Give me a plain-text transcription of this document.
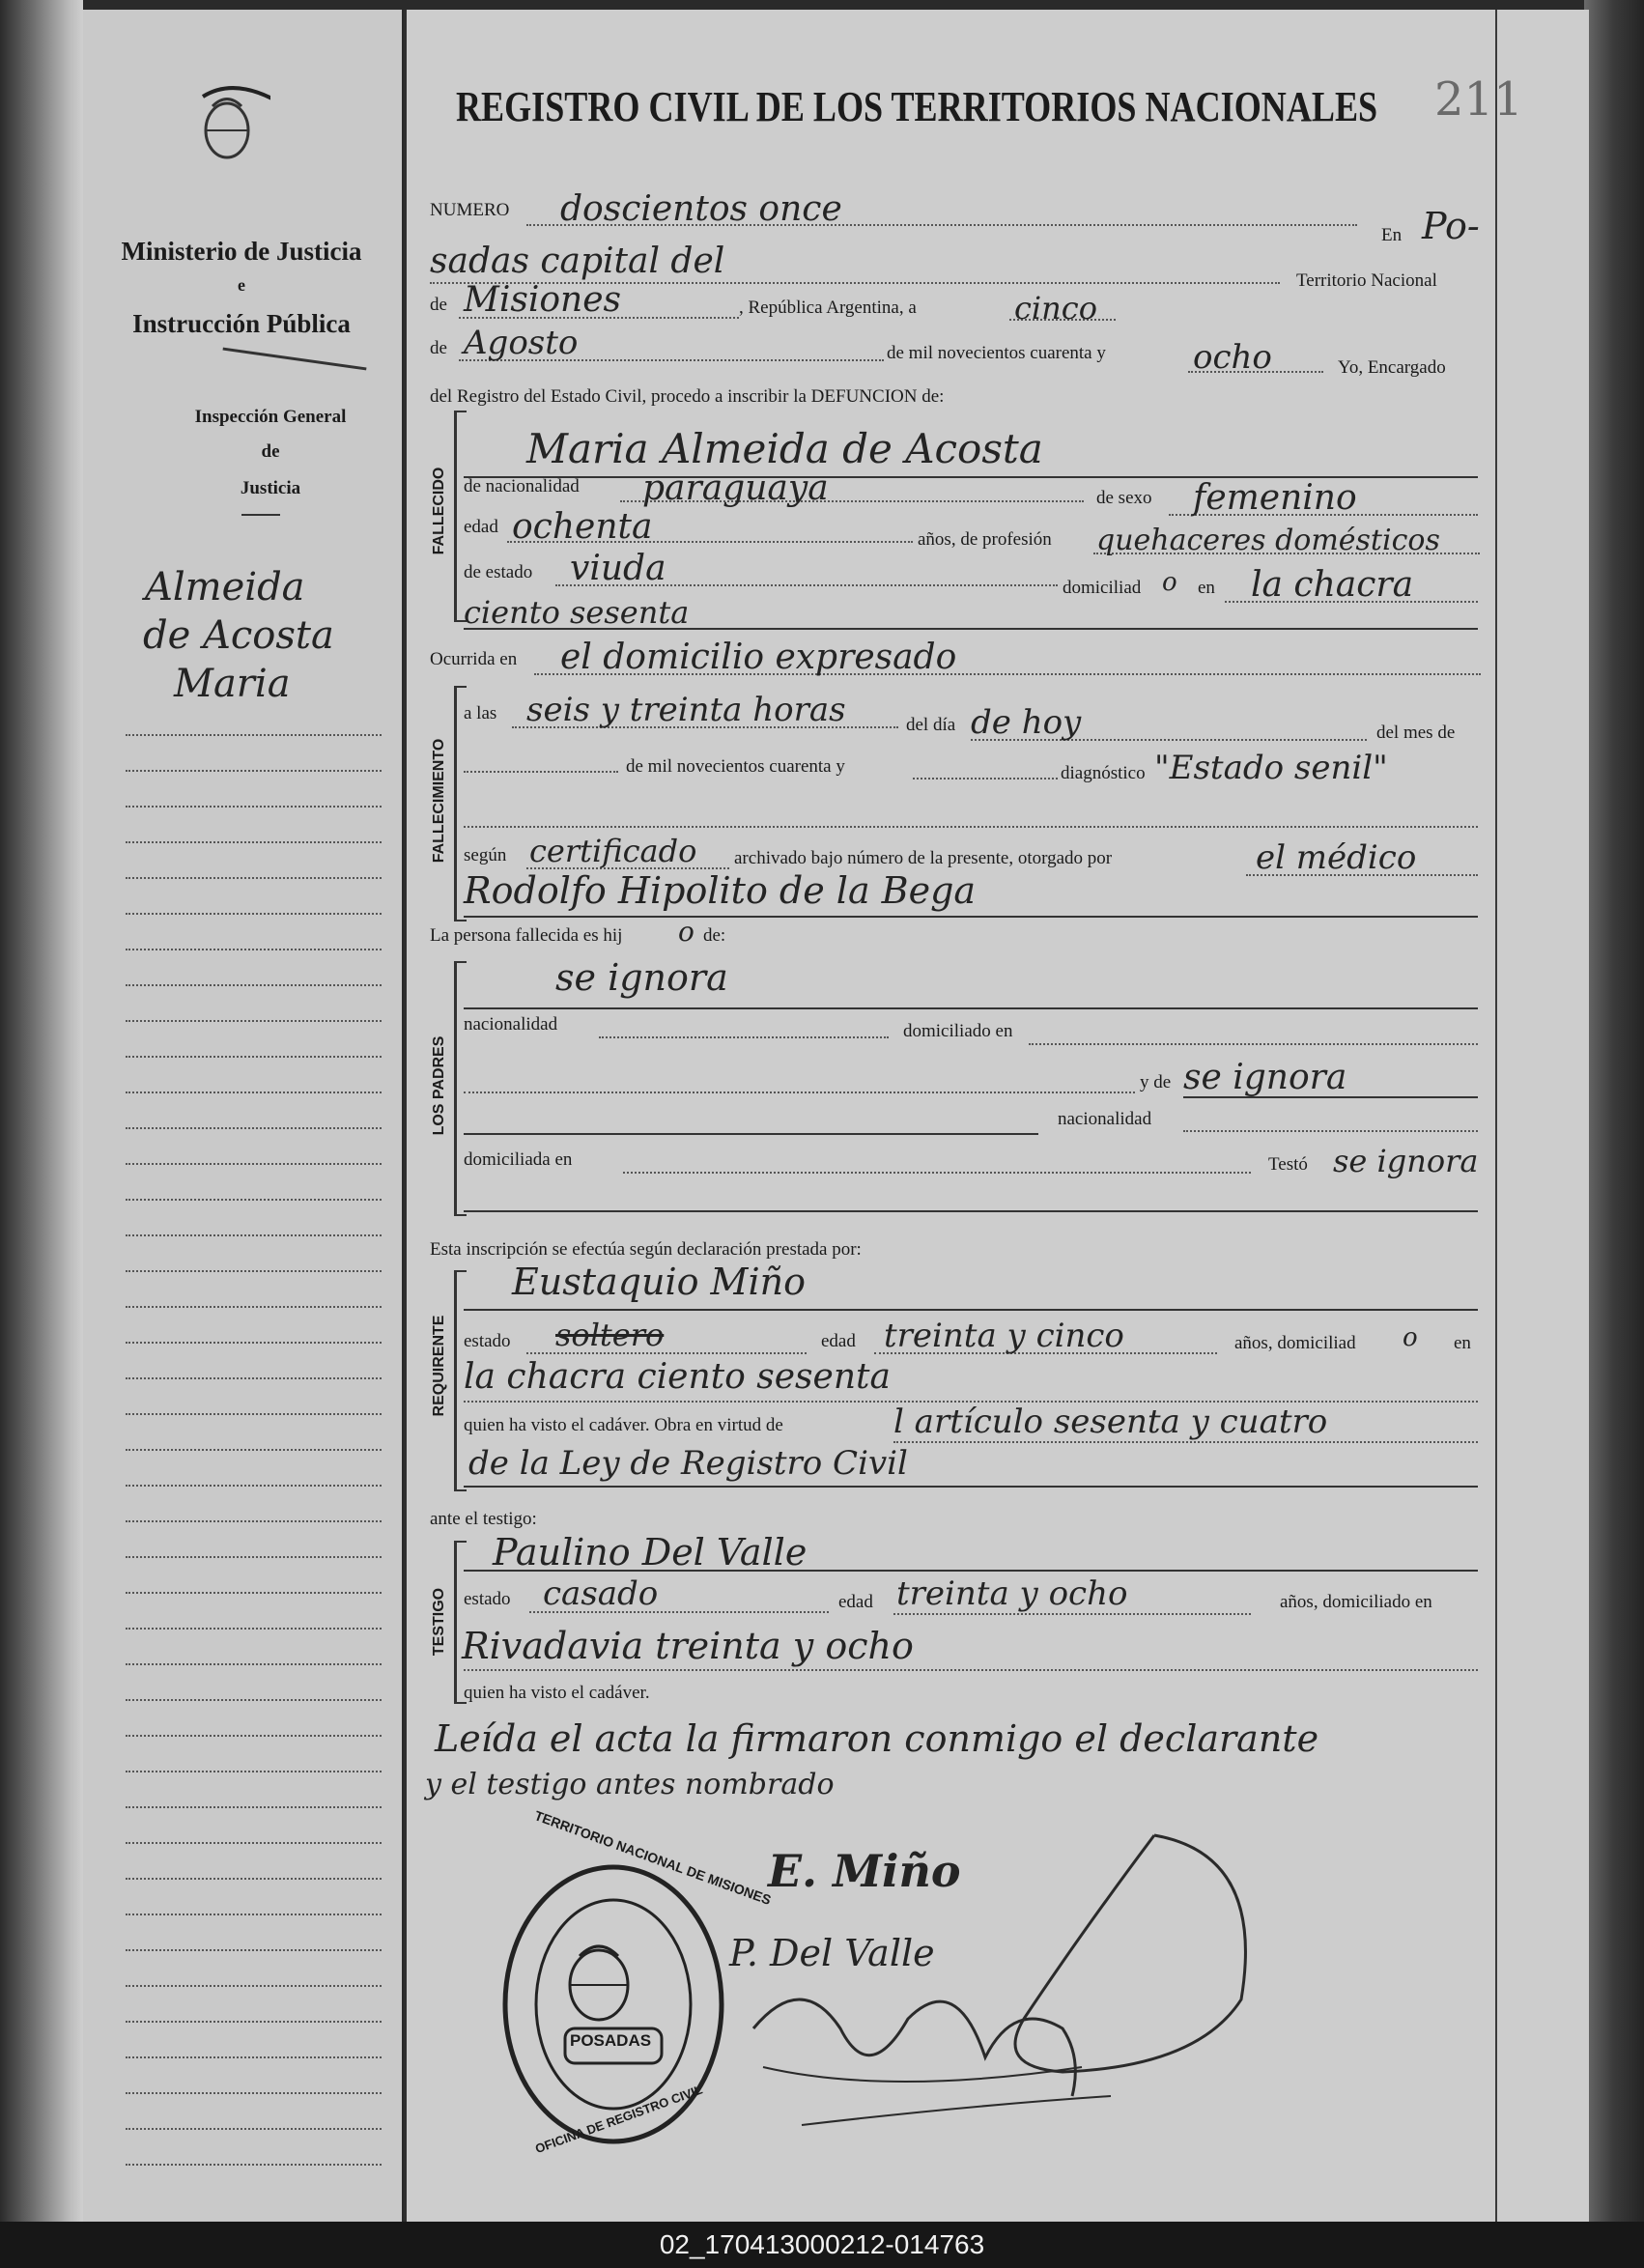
Ministerio de Justicia
e
Instrucción Pública
Inspección General
de
Justicia
Almeida
de Acosta
Maria
REGISTRO CIVIL DE LOS TERRITORIOS NACIONALES 211
NUMERO doscientos once
En Po-
sadas capital del	Territorio Nacional
de Misiones	, República Argentina, a	cinco
de Agosto	de mil novecientos cuarenta y	ocho	Yo, Encargado
del Registro del Estado Civil, procedo a inscribir la DEFUNCION de:
FALLECIDO
Maria Almeida de Acosta
de nacionalidad paraguaya	de sexo femenino
edad ochenta	años, de profesión quehaceres domésticos
de estado viuda	domiciliad o en la chacra
ciento sesenta
Ocurrida en el domicilio expresado
FALLECIMIENTO
a las seis y treinta horas	del día de hoy	del mes de
de mil novecientos cuarenta y	diagnóstico "Estado senil"
según certificado archivado bajo número de la presente, otorgado por	el médico
Rodolfo Hipolito de la Bega
La persona fallecida es hij o de:
LOS PADRES
se ignora
nacionalidad	domiciliado en
y de se ignora
nacionalidad
domiciliada en	Testó se ignora
Esta inscripción se efectúa según declaración prestada por:
REQUIRENTE
Eustaquio Miño
estado soltero	edad treinta y cinco	años, domiciliad o en
la chacra ciento sesenta
quien ha visto el cadáver. Obra en virtud de	l artículo sesenta y cuatro
de la Ley de Registro Civil
ante el testigo:
TESTIGO
Paulino Del Valle
estado casado	edad treinta y ocho	años, domiciliado en
Rivadavia treinta y ocho
quien ha visto el cadáver.
Leída el acta la firmaron conmigo el declarante
y el testigo antes nombrado
TERRITORIO NACIONAL DE MISIONES
OFICINA DE REGISTRO CIVIL
POSADAS
E. Miño
P. Del Valle
02_170413000212-014763
